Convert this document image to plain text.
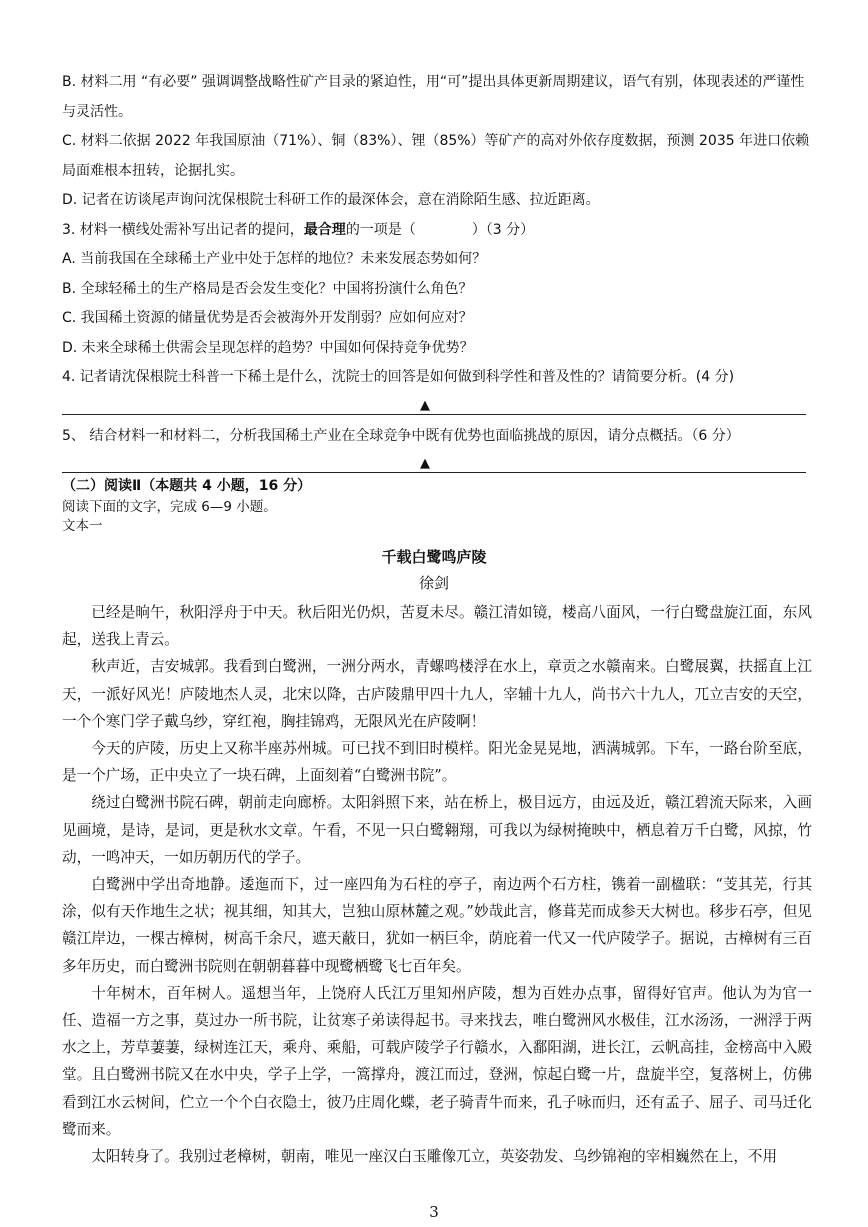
B. 材料二用 “有必要” 强调调整战略性矿产目录的紧迫性，用“可”提出具体更新周期建议，语气有别，体现表述的严谨性与灵活性。

C. 材料二依据 2022 年我国原油（71%）、铜（83%）、锂（85%）等矿产的高对外依存度数据，预测 2035 年进口依赖局面难根本扭转，论据扎实。

D. 记者在访谈尾声询问沈保根院士科研工作的最深体会，意在消除陌生感、拉近距离。

3. 材料一横线处需补写出记者的提问，最合理的一项是（	）（3 分）

A. 当前我国在全球稀土产业中处于怎样的地位？未来发展态势如何？

B. 全球轻稀土的生产格局是否会发生变化？中国将扮演什么角色？

C. 我国稀土资源的储量优势是否会被海外开发削弱？应如何应对？

D. 未来全球稀土供需会呈现怎样的趋势？中国如何保持竞争优势？

4. 记者请沈保根院士科普一下稀土是什么，沈院士的回答是如何做到科学性和普及性的？请简要分析。(4 分)

▲

5、 结合材料一和材料二，分析我国稀土产业在全球竞争中既有优势也面临挑战的原因，请分点概括。（6 分）

▲
（二）阅读Ⅱ（本题共 4 小题，16 分）
阅读下面的文字，完成 6—9 小题。
文本一
千载白鹭鸣庐陵
徐剑

已经是晌午，秋阳浮舟于中天。秋后阳光仍炽，苦夏未尽。赣江清如镜，楼高八面风，一行白鹭盘旋江面，东风起，送我上青云。

秋声近，吉安城郭。我看到白鹭洲，一洲分两水，青螺鸣楼浮在水上，章贡之水赣南来。白鹭展翼，扶摇直上江天，一派好风光！庐陵地杰人灵，北宋以降，古庐陵鼎甲四十九人，宰辅十九人，尚书六十九人，兀立吉安的天空，一个个寒门学子戴乌纱，穿红袍，胸挂锦鸡，无限风光在庐陵啊！

今天的庐陵，历史上又称半座苏州城。可已找不到旧时模样。阳光金晃晃地，洒满城郭。下车，一路台阶至底，是一个广场，正中央立了一块石碑，上面刻着“白鹭洲书院”。

绕过白鹭洲书院石碑，朝前走向廊桥。太阳斜照下来，站在桥上，极目远方，由远及近，赣江碧流天际来，入画见画境，是诗，是词，更是秋水文章。午看，不见一只白鹭翱翔，可我以为绿树掩映中，栖息着万千白鹭，风掠，竹动，一鸣冲天，一如历朝历代的学子。

白鹭洲中学出奇地静。逶迤而下，过一座四角为石柱的亭子，南边两个石方柱，镌着一副楹联：“芰其芜，行其涂，似有天作地生之状；视其细，知其大，岂独山原林麓之观。”妙哉此言，修葺芜而成参天大树也。移步石亭，但见赣江岸边，一棵古樟树，树高千余尺，遮天蔽日，犹如一柄巨伞，荫庇着一代又一代庐陵学子。据说，古樟树有三百多年历史，而白鹭洲书院则在朝朝暮暮中现鹭栖鹭飞七百年矣。

十年树木，百年树人。遥想当年，上饶府人氏江万里知州庐陵，想为百姓办点事，留得好官声。他认为为官一任、造福一方之事，莫过办一所书院，让贫寒子弟读得起书。寻来找去，唯白鹭洲风水极佳，江水汤汤，一洲浮于两水之上，芳草萋萋，绿树连江天，乘舟、乘船，可载庐陵学子行赣水，入鄱阳湖，进长江，云帆高挂，金榜高中入殿堂。且白鹭洲书院又在水中央，学子上学，一篙撑舟，渡江而过，登洲，惊起白鹭一片，盘旋半空，复落树上，仿佛看到江水云树间，伫立一个个白衣隐士，彼乃庄周化蝶，老子骑青牛而来，孔子咏而归，还有孟子、屈子、司马迁化鹭而来。

太阳转身了。我别过老樟树，朝南，唯见一座汉白玉雕像兀立，英姿勃发、乌纱锦袍的宰相巍然在上，不用

3
